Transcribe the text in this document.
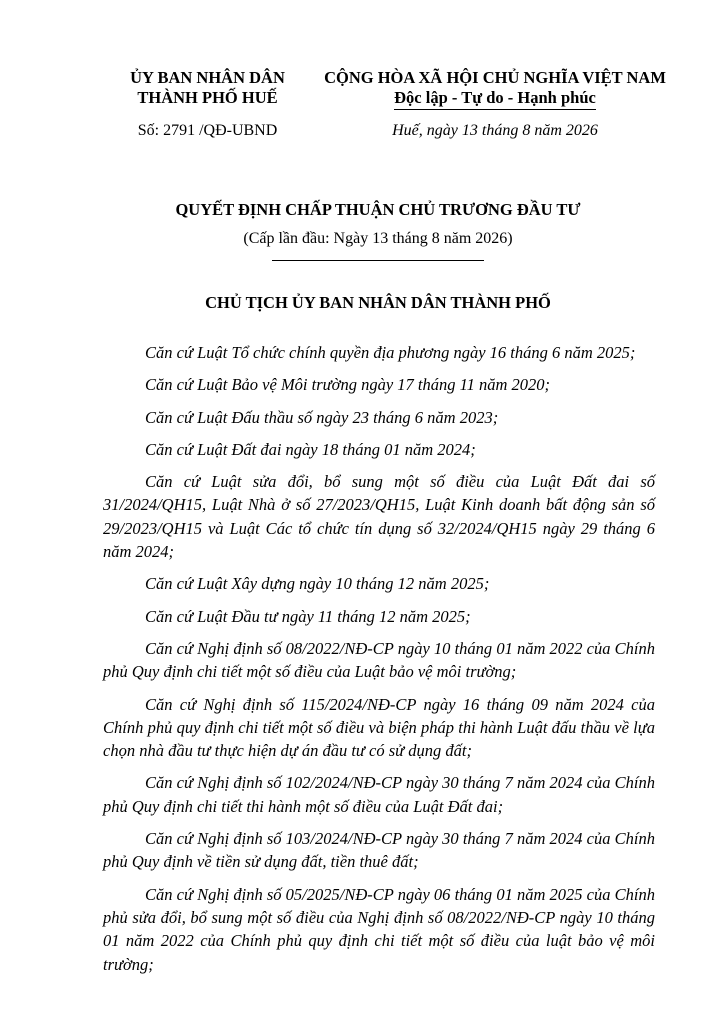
ỦY BAN NHÂN DÂN
THÀNH PHỐ HUẾ
CỘNG HÒA XÃ HỘI CHỦ NGHĨA VIỆT NAM
Độc lập - Tự do - Hạnh phúc
Số: 2791 /QĐ-UBND	Huế, ngày 13 tháng 8 năm 2026
QUYẾT ĐỊNH CHẤP THUẬN CHỦ TRƯƠNG ĐẦU TƯ
(Cấp lần đầu: Ngày 13 tháng 8 năm 2026)
CHỦ TỊCH ỦY BAN NHÂN DÂN THÀNH PHỐ

Căn cứ Luật Tổ chức chính quyền địa phương ngày 16 tháng 6 năm 2025;

Căn cứ Luật Bảo vệ Môi trường ngày 17 tháng 11 năm 2020;

Căn cứ Luật Đấu thầu số ngày 23 tháng 6 năm 2023;

Căn cứ Luật Đất đai ngày 18 tháng 01 năm 2024;

Căn cứ Luật sửa đổi, bổ sung một số điều của Luật Đất đai số 31/2024/QH15, Luật Nhà ở số 27/2023/QH15, Luật Kinh doanh bất động sản số 29/2023/QH15 và Luật Các tổ chức tín dụng số 32/2024/QH15 ngày 29 tháng 6 năm 2024;

Căn cứ Luật Xây dựng ngày 10 tháng 12 năm 2025;

Căn cứ Luật Đầu tư ngày 11 tháng 12 năm 2025;

Căn cứ Nghị định số 08/2022/NĐ-CP ngày 10 tháng 01 năm 2022 của Chính phủ Quy định chi tiết một số điều của Luật bảo vệ môi trường;

Căn cứ Nghị định số 115/2024/NĐ-CP ngày 16 tháng 09 năm 2024 của Chính phủ quy định chi tiết một số điều và biện pháp thi hành Luật đấu thầu về lựa chọn nhà đầu tư thực hiện dự án đầu tư có sử dụng đất;

Căn cứ Nghị định số 102/2024/NĐ-CP ngày 30 tháng 7 năm 2024 của Chính phủ Quy định chi tiết thi hành một số điều của Luật Đất đai;

Căn cứ Nghị định số 103/2024/NĐ-CP ngày 30 tháng 7 năm 2024 của Chính phủ Quy định về tiền sử dụng đất, tiền thuê đất;

Căn cứ Nghị định số 05/2025/NĐ-CP ngày 06 tháng 01 năm 2025 của Chính phủ sửa đổi, bổ sung một số điều của Nghị định số 08/2022/NĐ-CP ngày 10 tháng 01 năm 2022 của Chính phủ quy định chi tiết một số điều của luật bảo vệ môi trường;
